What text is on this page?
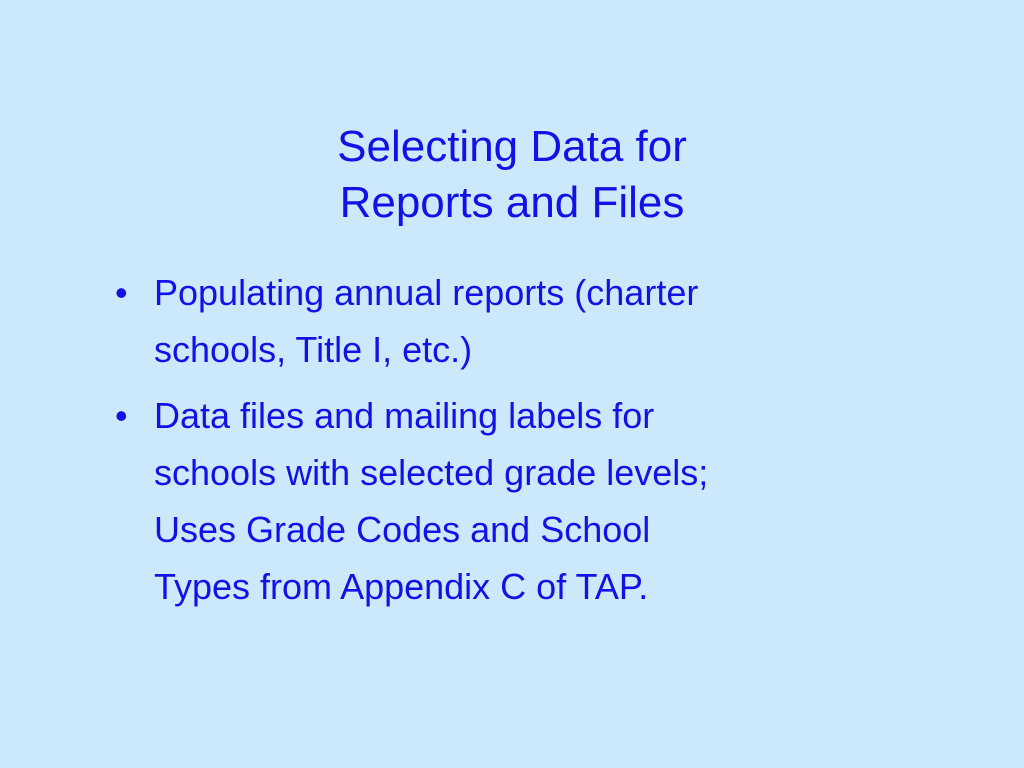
Selecting Data for
Reports and Files
• Populating annual reports (charter
schools, Title I, etc.)
• Data files and mailing labels for
schools with selected grade levels;
Uses Grade Codes and School
Types from Appendix C of TAP.
